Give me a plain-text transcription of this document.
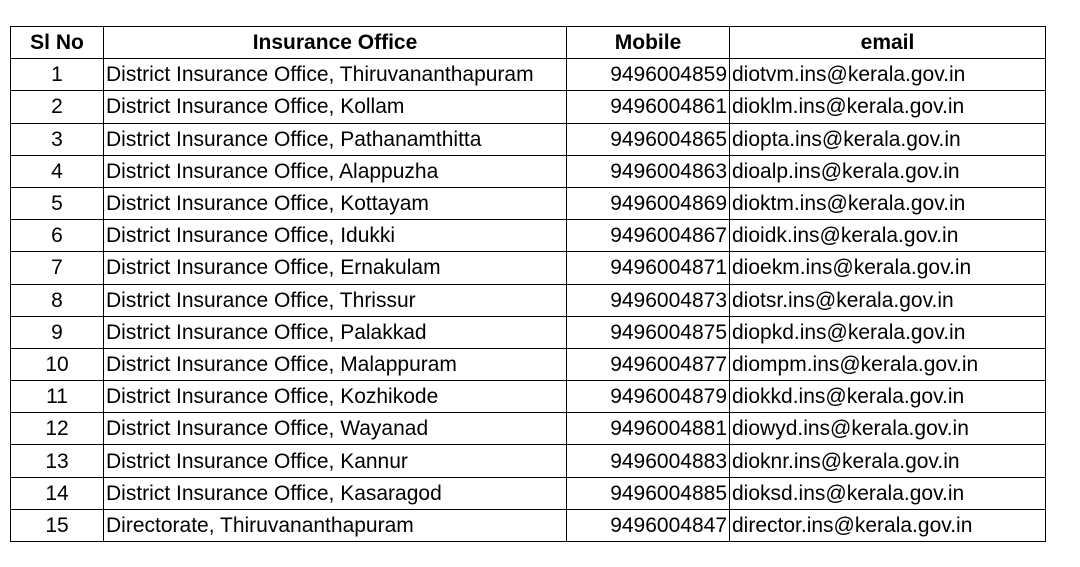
Sl No	Insurance Office	Mobile	email
1	District Insurance Office, Thiruvananthapuram	9496004859	diotvm.ins@kerala.gov.in
2	District Insurance Office, Kollam	9496004861	dioklm.ins@kerala.gov.in
3	District Insurance Office, Pathanamthitta	9496004865	diopta.ins@kerala.gov.in
4	District Insurance Office, Alappuzha	9496004863	dioalp.ins@kerala.gov.in
5	District Insurance Office, Kottayam	9496004869	dioktm.ins@kerala.gov.in
6	District Insurance Office, Idukki	9496004867	dioidk.ins@kerala.gov.in
7	District Insurance Office, Ernakulam	9496004871	dioekm.ins@kerala.gov.in
8	District Insurance Office, Thrissur	9496004873	diotsr.ins@kerala.gov.in
9	District Insurance Office, Palakkad	9496004875	diopkd.ins@kerala.gov.in
10	District Insurance Office, Malappuram	9496004877	diompm.ins@kerala.gov.in
11	District Insurance Office, Kozhikode	9496004879	diokkd.ins@kerala.gov.in
12	District Insurance Office, Wayanad	9496004881	diowyd.ins@kerala.gov.in
13	District Insurance Office, Kannur	9496004883	dioknr.ins@kerala.gov.in
14	District Insurance Office, Kasaragod	9496004885	dioksd.ins@kerala.gov.in
15	Directorate, Thiruvananthapuram	9496004847	director.ins@kerala.gov.in
